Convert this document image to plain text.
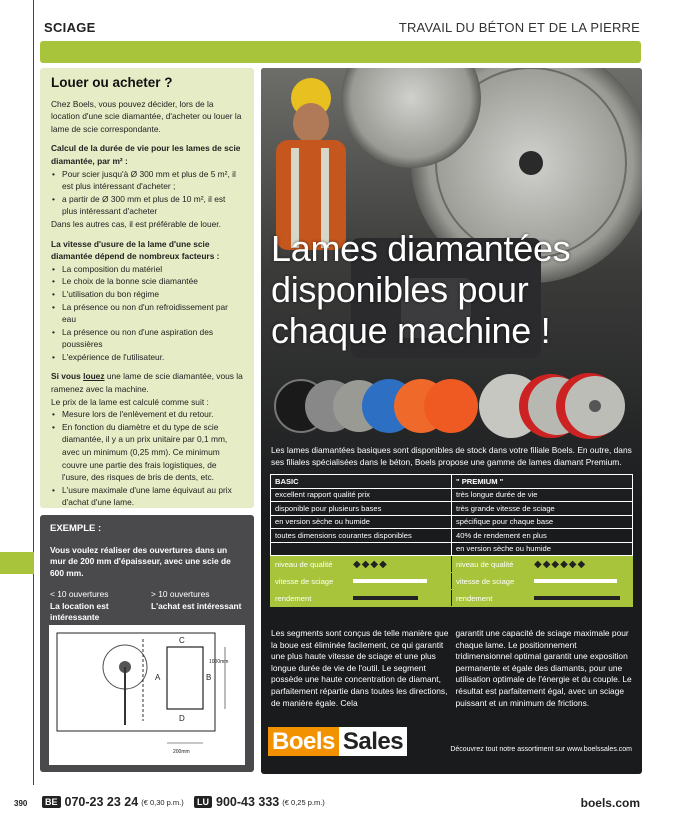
SCIAGE	TRAVAIL DU BÉTON ET DE LA PIERRE
Louer ou acheter ?

Chez Boels, vous pouvez décider, lors de la location d'une scie diamantée, d'acheter ou louer la lame de scie correspondante.

Calcul de la durée de vie pour les lames de scie diamantée, par m² :

• Pour scier jusqu'à Ø 300 mm et plus de 5 m², il est plus intéressant d'acheter ;
• a partir de Ø 300 mm et plus de 10 m², il est plus intéressant d'acheter

Dans les autres cas, il est préférable de louer.

La vitesse d'usure de la lame d'une scie diamantée dépend de nombreux facteurs :

• La composition du matériel
• Le choix de la bonne scie diamantée
• L'utilisation du bon régime
• La présence ou non d'un refroidissement par eau
• La présence ou non d'une aspiration des poussières
• L'expérience de l'utilisateur.

Si vous louez une lame de scie diamantée, vous la ramenez avec la machine.

Le prix de la lame est calculé comme suit :

• Mesure lors de l'enlèvement et du retour.
• En fonction du diamètre et du type de scie diamantée, il y a un prix unitaire par 0,1 mm, avec un minimum (0,25 mm). Ce minimum couvre une partie des frais logistiques, de l'usure, des risques de bris de dents, etc.
• L'usure maximale d'une lame équivaut au prix d'achat d'une lame.
EXEMPLE :

Vous voulez réaliser des ouvertures dans un mur de 200 mm d'épaisseur, avec une scie de 600 mm.

< 10 ouvertures
La location est intéressante
> 10 ouvertures
L'achat est intéressant
C
A	B
D
1000mm
200mm
Lames diamantées disponibles pour chaque machine !
Les lames diamantées basiques sont disponibles de stock dans votre filiale Boels. En outre, dans ses filiales spécialisées dans le béton, Boels propose une gamme de lames diamant Premium.
BASIC	" PREMIUM "
excellent rapport qualité prix	très longue durée de vie
disponible pour plusieurs bases	très grande vitesse de sciage
en version sèche ou humide	spécifique pour chaque base
toutes dimensions courantes disponibles	40% de rendement en plus
	en version sèche ou humide

niveau de qualité ◆◆◆◆	niveau de qualité ◆◆◆◆◆◆

vitesse de sciage	vitesse de sciage

rendement	rendement
Les segments sont conçus de telle manière que la boue est éliminée facilement, ce qui garantit une plus haute vitesse de sciage et une plus longue durée de vie de l'outil. Le segment possède une haute concentration de diamant, parfaitement répartie dans toutes les directions, de manière égale. Cela
garantit une capacité de sciage maximale pour chaque lame. Le positionnement tridimensionnel optimal garantit une exposition permanente et égale des diamants, pour une utilisation optimale de l'énergie et du couple. Le résultat est parfaitement égal, avec un sciage puissant et un minimum de frictions.
Boels Sales	Découvrez tout notre assortiment sur www.boelssales.com
390	BE 070-23 23 24 (€ 0,30 p.m.)	LU 900-43 333 (€ 0,25 p.m.)	boels.com
